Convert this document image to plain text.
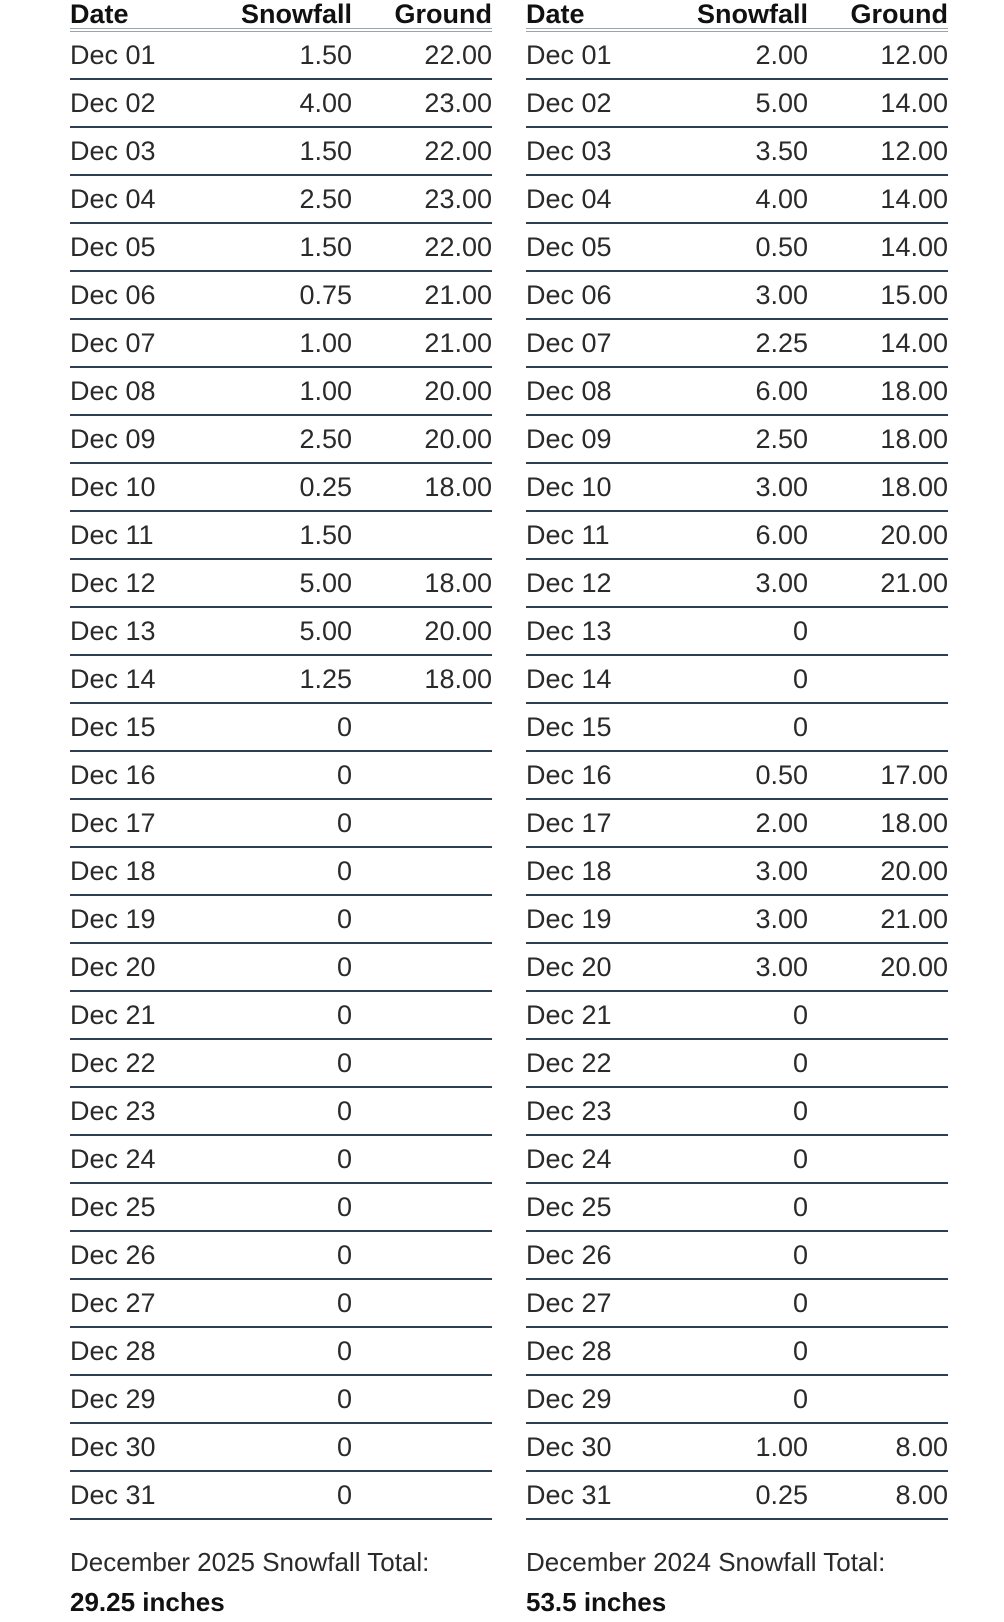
Date	Snowfall	Ground
Dec 01	1.50	22.00
Dec 02	4.00	23.00
Dec 03	1.50	22.00
Dec 04	2.50	23.00
Dec 05	1.50	22.00
Dec 06	0.75	21.00
Dec 07	1.00	21.00
Dec 08	1.00	20.00
Dec 09	2.50	20.00
Dec 10	0.25	18.00
Dec 11	1.50	
Dec 12	5.00	18.00
Dec 13	5.00	20.00
Dec 14	1.25	18.00
Dec 15	0	
Dec 16	0	
Dec 17	0	
Dec 18	0	
Dec 19	0	
Dec 20	0	
Dec 21	0	
Dec 22	0	
Dec 23	0	
Dec 24	0	
Dec 25	0	
Dec 26	0	
Dec 27	0	
Dec 28	0	
Dec 29	0	
Dec 30	0	
Dec 31	0	
Date	Snowfall	Ground
Dec 01	2.00	12.00
Dec 02	5.00	14.00
Dec 03	3.50	12.00
Dec 04	4.00	14.00
Dec 05	0.50	14.00
Dec 06	3.00	15.00
Dec 07	2.25	14.00
Dec 08	6.00	18.00
Dec 09	2.50	18.00
Dec 10	3.00	18.00
Dec 11	6.00	20.00
Dec 12	3.00	21.00
Dec 13	0	
Dec 14	0	
Dec 15	0	
Dec 16	0.50	17.00
Dec 17	2.00	18.00
Dec 18	3.00	20.00
Dec 19	3.00	21.00
Dec 20	3.00	20.00
Dec 21	0	
Dec 22	0	
Dec 23	0	
Dec 24	0	
Dec 25	0	
Dec 26	0	
Dec 27	0	
Dec 28	0	
Dec 29	0	
Dec 30	1.00	8.00
Dec 31	0.25	8.00
December 2025 Snowfall Total:
29.25 inches
December 2024 Snowfall Total:
53.5 inches
